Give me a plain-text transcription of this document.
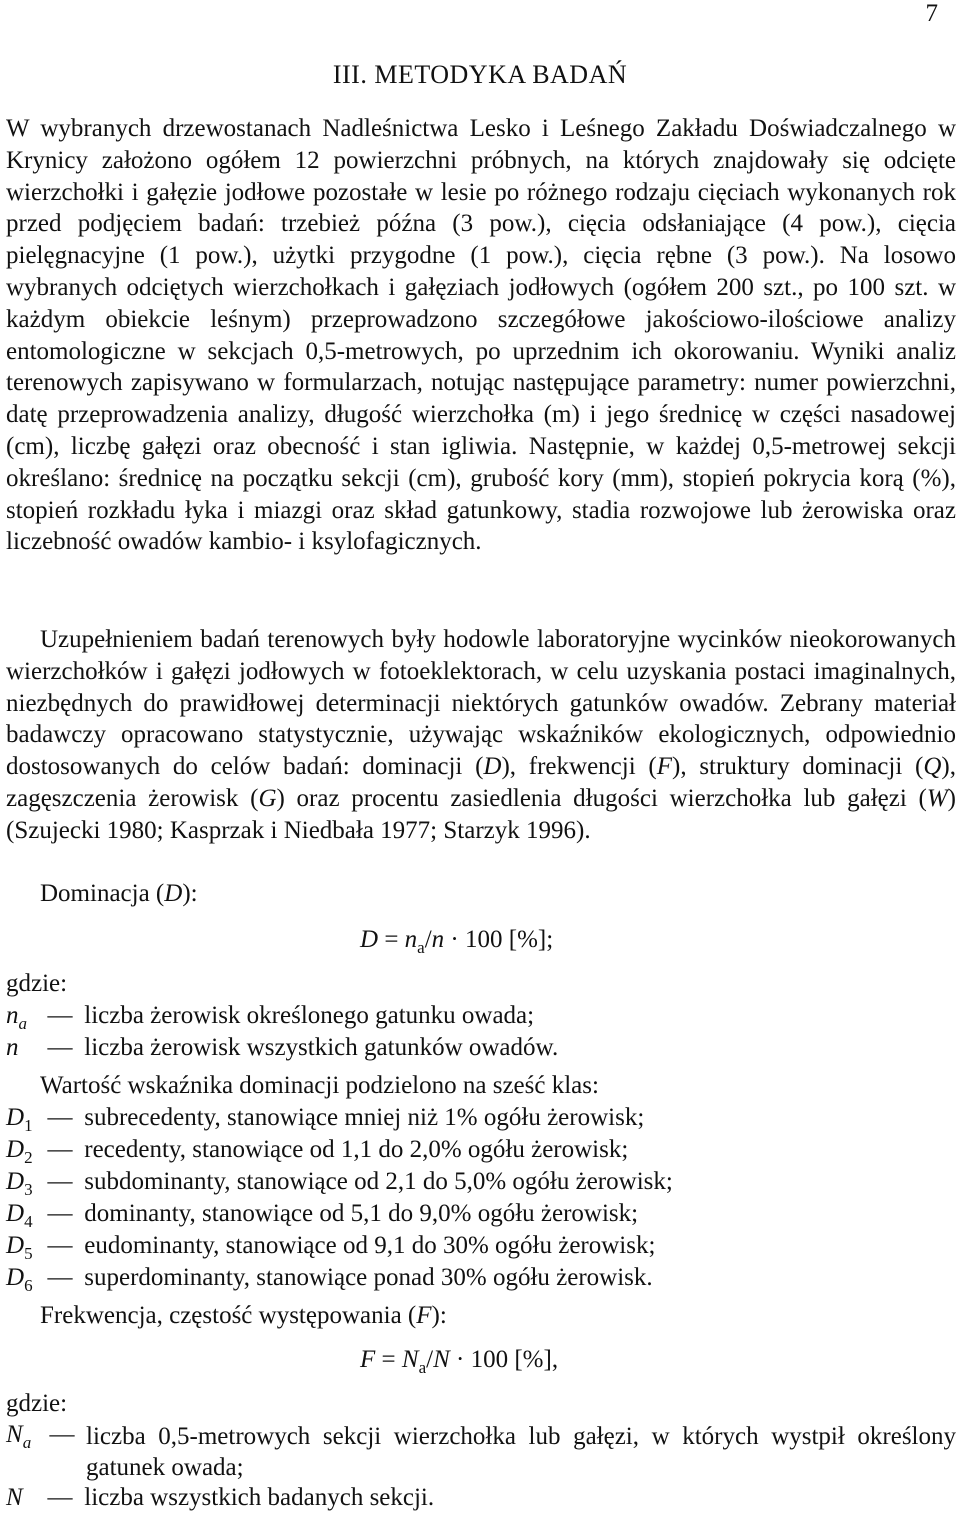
7
III. METODYKA BADAŃ

W wybranych drzewostanach Nadleśnictwa Lesko i Leśnego Zakładu Doświadczalnego w Krynicy założono ogółem 12 powierzchni próbnych, na których znajdowały się odcięte wierzchołki i gałęzie jodłowe pozostałe w lesie po różnego rodzaju cięciach wykonanych rok przed podjęciem badań: trzebież późna (3 pow.), cięcia odsłaniające (4 pow.), cięcia pielęgnacyjne (1 pow.), użytki przygodne (1 pow.), cięcia rębne (3 pow.). Na losowo wybranych odciętych wierzchołkach i gałęziach jodłowych (ogółem 200 szt., po 100 szt. w każdym obiekcie leśnym) przeprowadzono szczegółowe jakościowo-ilościowe analizy entomologiczne w sekcjach 0,5-metrowych, po uprzednim ich okorowaniu. Wyniki analiz terenowych zapisywano w formularzach, notując następujące parametry: numer powierzchni, datę przeprowadzenia analizy, długość wierzchołka (m) i jego średnicę w części nasadowej (cm), liczbę gałęzi oraz obecność i stan igliwia. Następnie, w każdej 0,5-metrowej sekcji określano: średnicę na początku sekcji (cm), grubość kory (mm), stopień pokrycia korą (%), stopień rozkładu łyka i miazgi oraz skład gatunkowy, stadia rozwojowe lub żerowiska oraz liczebność owadów kambio- i ksylofagicznych.

Uzupełnieniem badań terenowych były hodowle laboratoryjne wycinków nieokorowanych wierzchołków i gałęzi jodłowych w fotoeklektorach, w celu uzyskania postaci imaginalnych, niezbędnych do prawidłowej determinacji niektórych gatunków owadów. Zebrany materiał badawczy opracowano statystycznie, używając wskaźników ekologicznych, odpowiednio dostosowanych do celów badań: dominacji (D), frekwencji (F), struktury dominacji (Q), zagęszczenia żerowisk (G) oraz procentu zasiedlenia długości wierzchołka lub gałęzi (W) (Szujecki 1980; Kasprzak i Niedbała 1977; Starzyk 1996).

Dominacja (D):
$D = n_a/n \cdot 100$ [%];
gdzie:
$n_a$ — liczba żerowisk określonego gatunku owada;
n — liczba żerowisk wszystkich gatunków owadów.
Wartość wskaźnika dominacji podzielono na sześć klas:
$D_1$ — subrecedenty, stanowiące mniej niż 1% ogółu żerowisk;
$D_2$ — recedenty, stanowiące od 1,1 do 2,0% ogółu żerowisk;
$D_3$ — subdominanty, stanowiące od 2,1 do 5,0% ogółu żerowisk;
$D_4$ — dominanty, stanowiące od 5,1 do 9,0% ogółu żerowisk;
$D_5$ — eudominanty, stanowiące od 9,1 do 30% ogółu żerowisk;
$D_6$ — superdominanty, stanowiące ponad 30% ogółu żerowisk.
Frekwencja, częstość występowania (F):
$F = N_a/N \cdot 100$ [%],
gdzie:
$N_a$ — liczba 0,5-metrowych sekcji wierzchołka lub gałęzi, w których wystpił określony gatunek owada;
N — liczba wszystkich badanych sekcji.
